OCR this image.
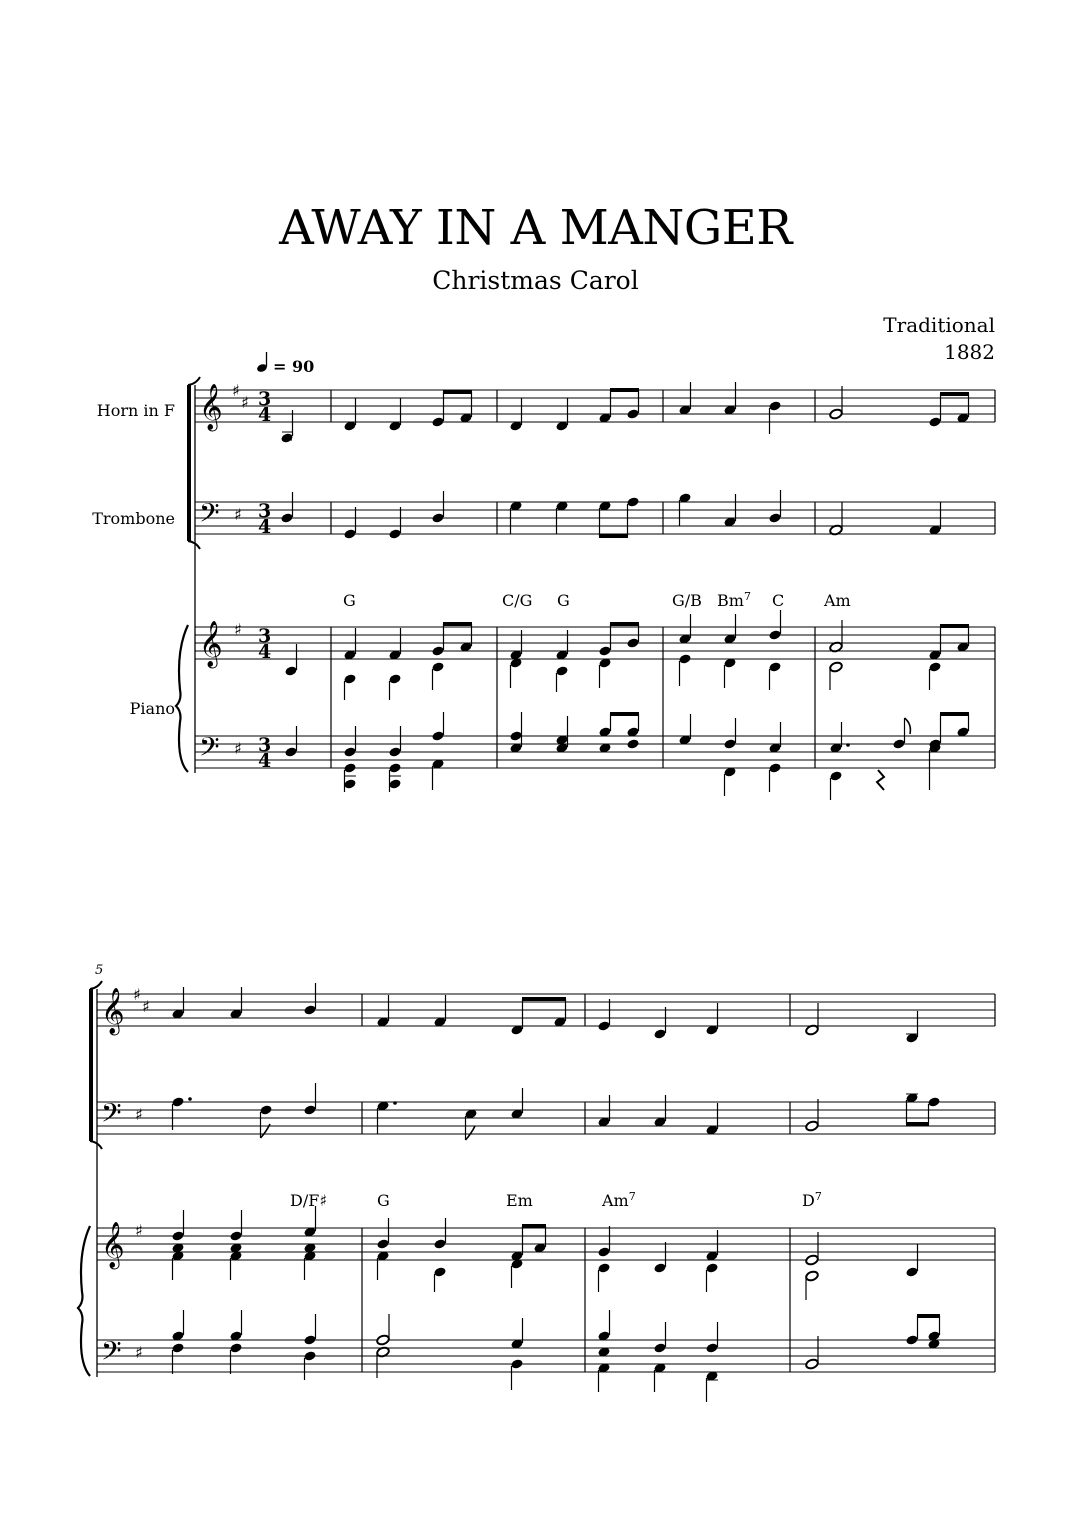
AWAY IN A MANGER
Christmas Carol
Traditional
1882
= 90
Horn in F
Trombone
Piano
𝄞
𝄢
𝄞
𝄢
♯
♯
♯
♯
♯
3
4
3
4
3
4
3
4
G	C/G G	G/B Bm$^7$ C Am
5
𝄞
𝄢
𝄞
𝄢
♯
♯
♯
♯
♯
D/F♯	G	Em	Am$^7$	$D^7$
